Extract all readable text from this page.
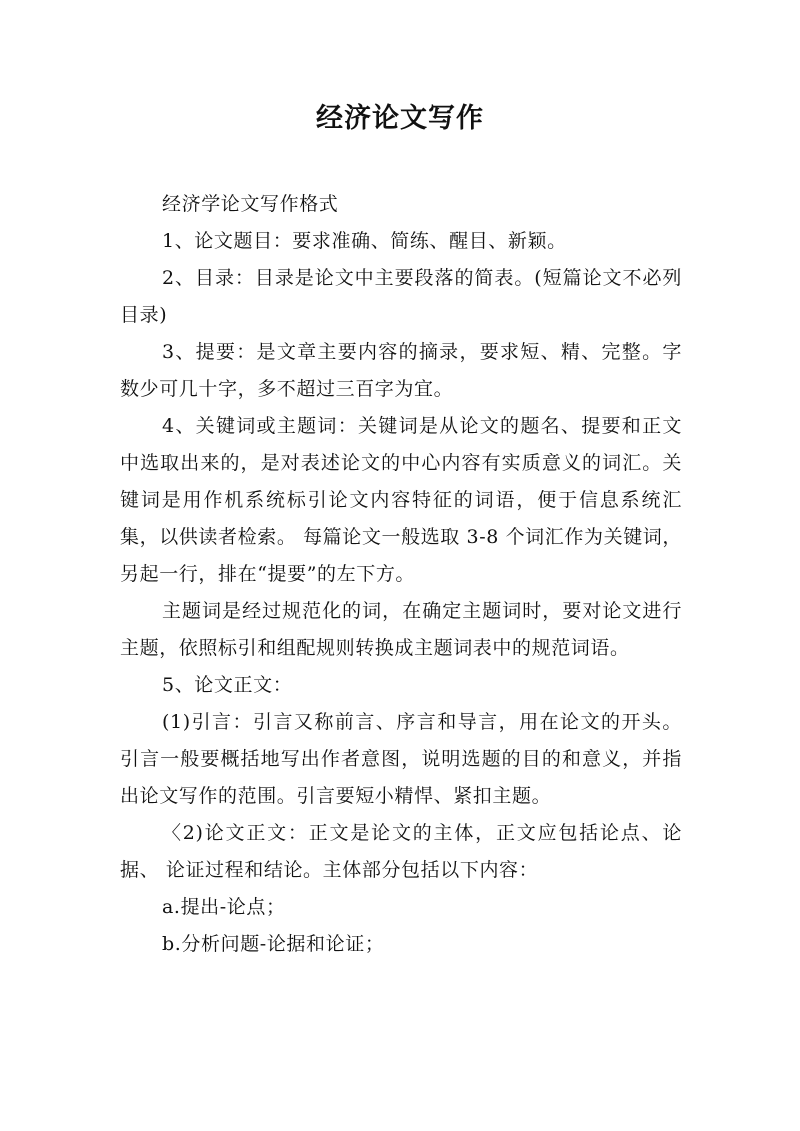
经济论文写作

经济学论文写作格式

1、论文题目：要求准确、简练、醒目、新颖。

2、目录：目录是论文中主要段落的简表。(短篇论文不必列目录)

3、提要：是文章主要内容的摘录，要求短、精、完整。字数少可几十字，多不超过三百字为宜。

4、关键词或主题词：关键词是从论文的题名、提要和正文中选取出来的，是对表述论文的中心内容有实质意义的词汇。关键词是用作机系统标引论文内容特征的词语，便于信息系统汇集，以供读者检索。 每篇论文一般选取 3-8 个词汇作为关键词，另起一行，排在“提要”的左下方。

主题词是经过规范化的词，在确定主题词时，要对论文进行主题，依照标引和组配规则转换成主题词表中的规范词语。

5、论文正文：

(1)引言：引言又称前言、序言和导言，用在论文的开头。 引言一般要概括地写出作者意图，说明选题的目的和意义，并指出论文写作的范围。引言要短小精悍、紧扣主题。

〈2)论文正文：正文是论文的主体，正文应包括论点、论据、 论证过程和结论。主体部分包括以下内容：

a.提出-论点；

b.分析问题-论据和论证；
